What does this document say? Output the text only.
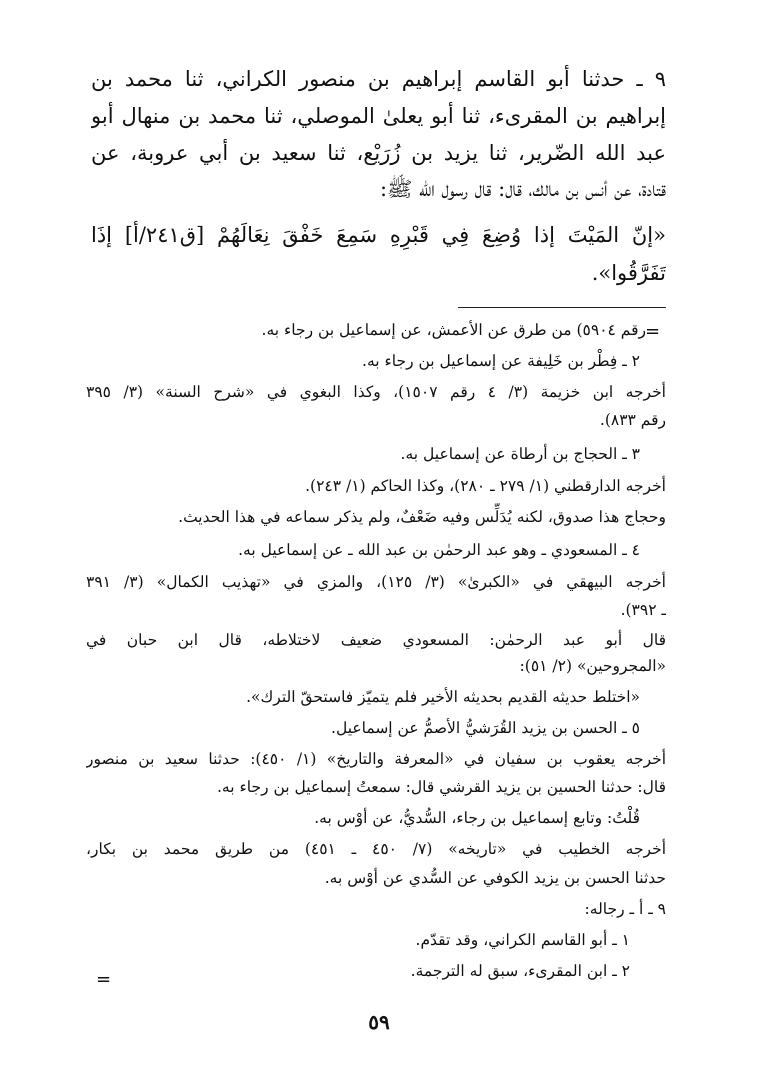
٩ ـ حدثنا أبو القاسم إبراهيم بن منصور الكراني، ثنا محمد بن
إبراهيم بن المقرىء، ثنا أبو يعلىٰ الموصلي، ثنا محمد بن منهال أبو
عبد الله الضّرير، ثنا يزيد بن زُرَيْع، ثنا سعيد بن أبي عروبة، عن
قتادة، عن أنس بن مالك، قال: قال رسول الله ﷺ:
«إنّ المَيْتَ إذا وُضِعَ فِي قَبْرِهِ سَمِعَ خَفْقَ نِعَالَهُمْ [ق٢٤١/أ] إذَا
تَفَرَّقُوا».
=
رقم ٥٩٠٤) من طرق عن الأعمش، عن إسماعيل بن رجاء به.
٢ ـ فِطْر بن خَلِيفة عن إسماعيل بن رجاء به.
أخرجه ابن خزيمة (٣/ ٤ رقم ١٥٠٧)، وكذا البغوي في «شرح السنة» (٣/ ٣٩٥
رقم ٨٣٣).
٣ ـ الحجاج بن أرطاة عن إسماعيل به.
أخرجه الدارقطني (١/ ٢٧٩ ـ ٢٨٠)، وكذا الحاكم (١/ ٢٤٣).
وحجاج هذا صدوق، لكنه يُدَلِّس وفيه ضَعْفٌ، ولم يذكر سماعه في هذا الحديث.
٤ ـ المسعودي ـ وهو عبد الرحمٰن بن عبد الله ـ عن إسماعيل به.
أخرجه البيهقي في «الكبرىٰ» (٣/ ١٢٥)، والمزي في «تهذيب الكمال» (٣/ ٣٩١
ـ ٣٩٢).
قال أبو عبد الرحمٰن: المسعودي ضعيف لاختلاطه، قال ابن حبان في
«المجروحين» (٢/ ٥١):
«اختلط حديثه القديم بحديثه الأخير فلم يتميّز فاستحقّ الترك».
٥ ـ الحسن بن يزيد القُرَشيُّ الأصمُّ عن إسماعيل.
أخرجه يعقوب بن سفيان في «المعرفة والتاريخ» (١/ ٤٥٠): حدثنا سعيد بن منصور
قال: حدثنا الحسين بن يزيد القرشي قال: سمعتُ إسماعيل بن رجاء به.
قُلْتُ: وتابع إسماعيل بن رجاء، السُّديُّ، عن أوْس به.
أخرجه الخطيب في «تاريخه» (٧/ ٤٥٠ ـ ٤٥١) من طريق محمد بن بكار،
حدثنا الحسن بن يزيد الكوفي عن السُّدي عن أوْس به.
٩ ـ أ ـ رجاله:
١ ـ أبو القاسم الكراني، وقد تقدّم.
٢ ـ ابن المقرىء، سبق له الترجمة.
=
٥٩
